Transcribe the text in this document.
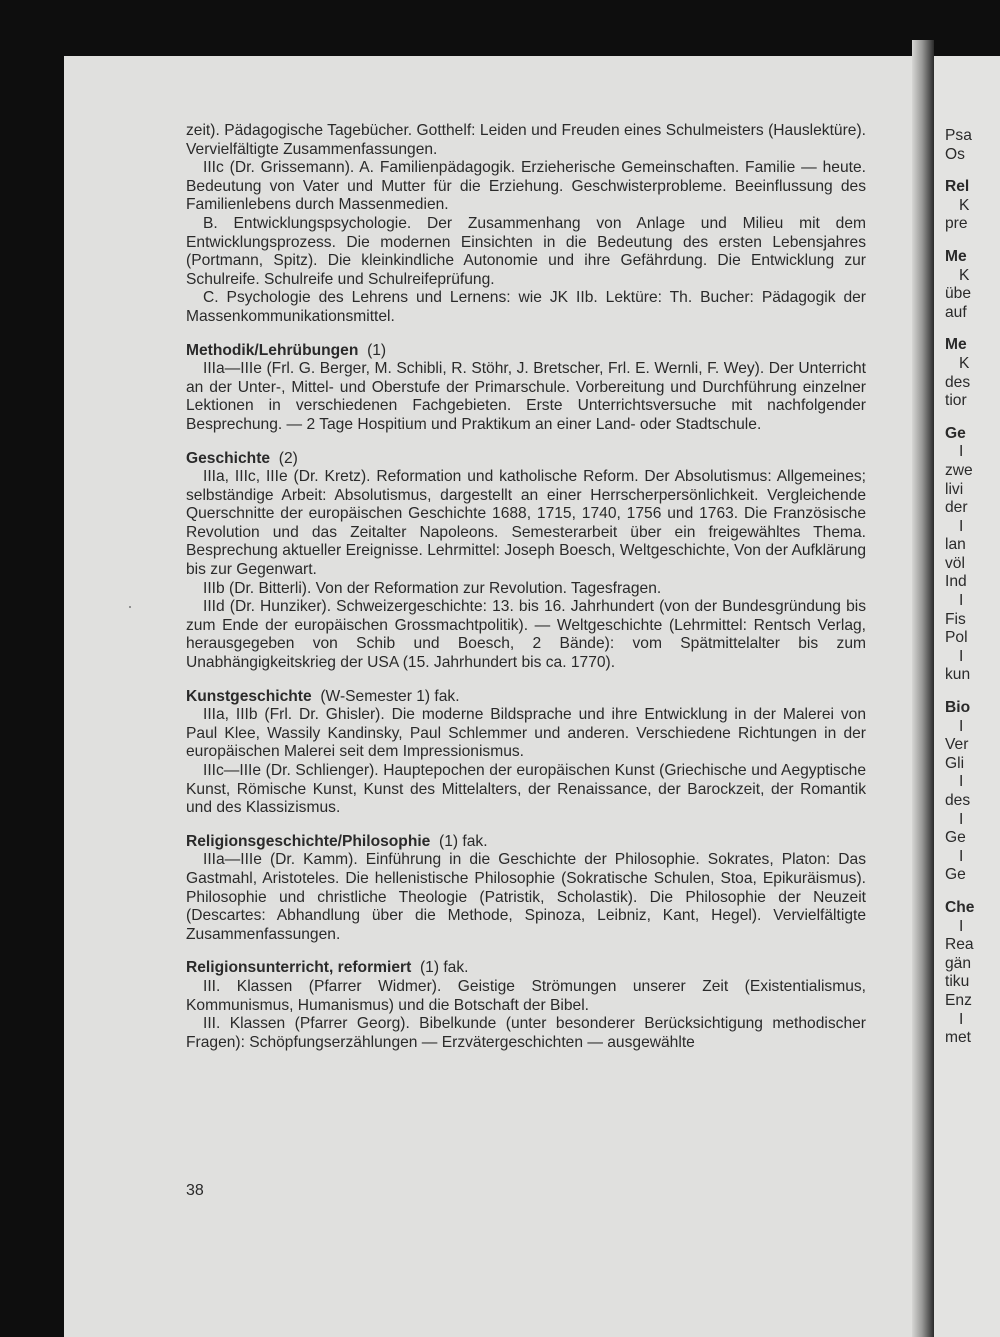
zeit). Pädagogische Tagebücher. Gotthelf: Leiden und Freuden eines Schulmeisters (Hauslektüre). Vervielfältigte Zusammenfassungen.

IIIc (Dr. Grissemann). A. Familienpädagogik. Erzieherische Gemeinschaften. Familie — heute. Bedeutung von Vater und Mutter für die Erziehung. Geschwisterprobleme. Beeinflussung des Familienlebens durch Massenmedien.

B. Entwicklungspsychologie. Der Zusammenhang von Anlage und Milieu mit dem Entwicklungsprozess. Die modernen Einsichten in die Bedeutung des ersten Lebensjahres (Portmann, Spitz). Die kleinkindliche Autonomie und ihre Gefährdung. Die Entwicklung zur Schulreife. Schulreife und Schulreifeprüfung.

C. Psychologie des Lehrens und Lernens: wie JK IIb. Lektüre: Th. Bucher: Pädagogik der Massenkommunikationsmittel.

Methodik/Lehrübungen (1)

IIIa—IIIe (Frl. G. Berger, M. Schibli, R. Stöhr, J. Bretscher, Frl. E. Wernli, F. Wey). Der Unterricht an der Unter-, Mittel- und Oberstufe der Primarschule. Vorbereitung und Durchführung einzelner Lektionen in verschiedenen Fachgebieten. Erste Unterrichtsversuche mit nachfolgender Besprechung. — 2 Tage Hospitium und Praktikum an einer Land- oder Stadtschule.

Geschichte (2)

IIIa, IIIc, IIIe (Dr. Kretz). Reformation und katholische Reform. Der Absolutismus: Allgemeines; selbständige Arbeit: Absolutismus, dargestellt an einer Herrscherpersönlichkeit. Vergleichende Querschnitte der europäischen Geschichte 1688, 1715, 1740, 1756 und 1763. Die Französische Revolution und das Zeitalter Napoleons. Semesterarbeit über ein freigewähltes Thema. Besprechung aktueller Ereignisse. Lehrmittel: Joseph Boesch, Weltgeschichte, Von der Aufklärung bis zur Gegenwart.

IIIb (Dr. Bitterli). Von der Reformation zur Revolution. Tagesfragen.

IIId (Dr. Hunziker). Schweizergeschichte: 13. bis 16. Jahrhundert (von der Bundesgründung bis zum Ende der europäischen Grossmachtpolitik). — Weltgeschichte (Lehrmittel: Rentsch Verlag, herausgegeben von Schib und Boesch, 2 Bände): vom Spätmittelalter bis zum Unabhängigkeitskrieg der USA (15. Jahrhundert bis ca. 1770).

Kunstgeschichte (W-Semester 1) fak.

IIIa, IIIb (Frl. Dr. Ghisler). Die moderne Bildsprache und ihre Entwicklung in der Malerei von Paul Klee, Wassily Kandinsky, Paul Schlemmer und anderen. Verschiedene Richtungen in der europäischen Malerei seit dem Impressionismus.

IIIc—IIIe (Dr. Schlienger). Hauptepochen der europäischen Kunst (Griechische und Aegyptische Kunst, Römische Kunst, Kunst des Mittelalters, der Renaissance, der Barockzeit, der Romantik und des Klassizismus.

Religionsgeschichte/Philosophie (1) fak.

IIIa—IIIe (Dr. Kamm). Einführung in die Geschichte der Philosophie. Sokrates, Platon: Das Gastmahl, Aristoteles. Die hellenistische Philosophie (Sokratische Schulen, Stoa, Epikuräismus). Philosophie und christliche Theologie (Patristik, Scholastik). Die Philosophie der Neuzeit (Descartes: Abhandlung über die Methode, Spinoza, Leibniz, Kant, Hegel). Vervielfältigte Zusammenfassungen.

Religionsunterricht, reformiert (1) fak.

III. Klassen (Pfarrer Widmer). Geistige Strömungen unserer Zeit (Existentialismus, Kommunismus, Humanismus) und die Botschaft der Bibel.

III. Klassen (Pfarrer Georg). Bibelkunde (unter besonderer Berücksichtigung methodischer Fragen): Schöpfungserzählungen — Erzvätergeschichten — ausgewählte

38
Psa
Os
Rel
K
pre
Me
K
übe
auf
Me
K
des
tior
Ge
I
zwe
livi
der
I
lan
völ
Ind
I
Fis
Pol
I
kun
Bio
I
Ver
Gli
I
des
I
Ge
I
Ge
Che
I
Rea
gän
tiku
Enz
I
met
